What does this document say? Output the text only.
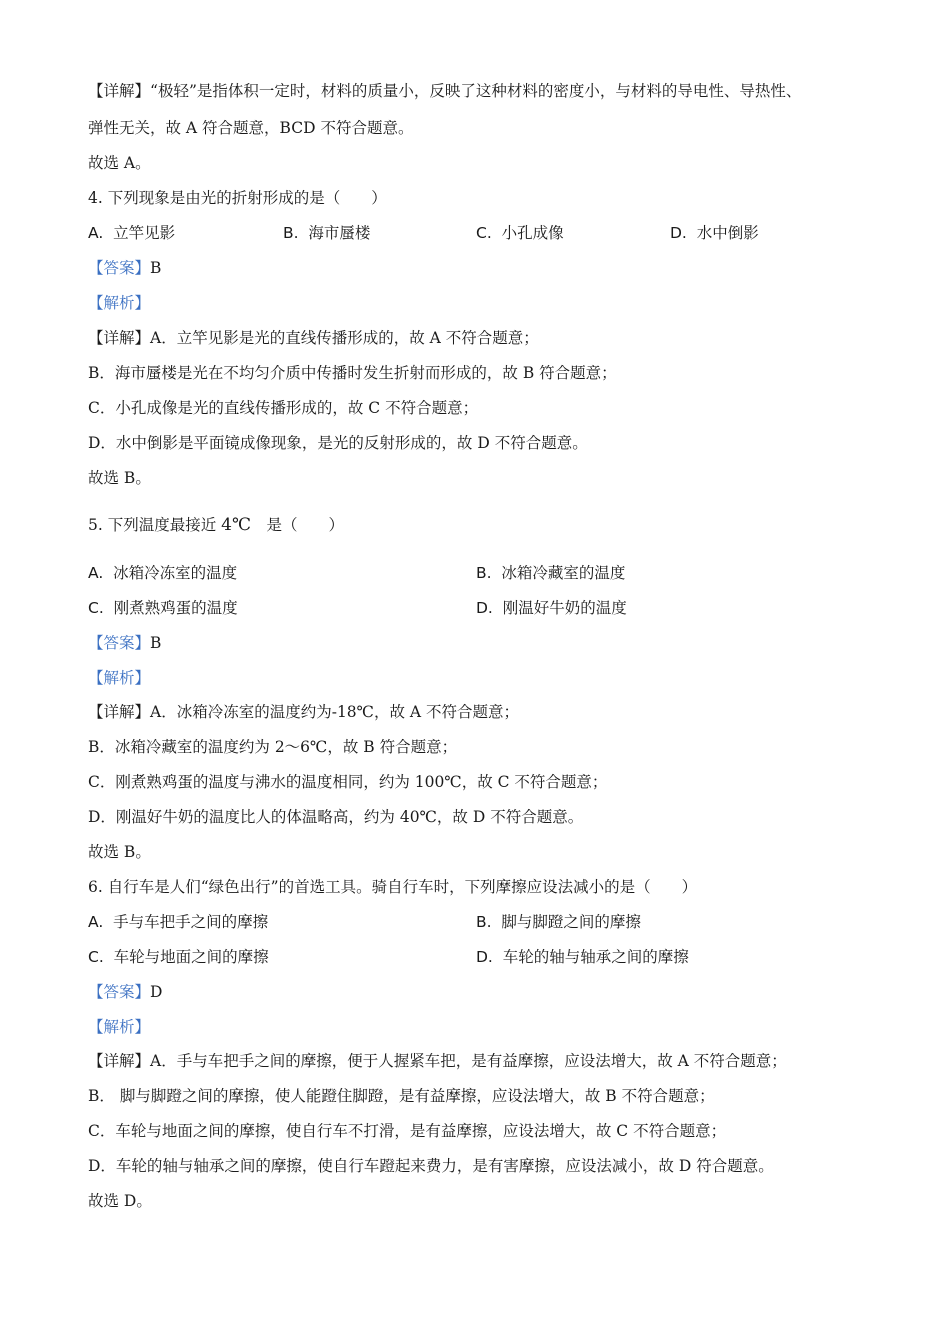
【详解】“极轻”是指体积一定时，材料的质量小，反映了这种材料的密度小，与材料的导电性、导热性、
弹性无关，故 A 符合题意，BCD 不符合题意。
故选 A。
4. 下列现象是由光的折射形成的是（　　）
A. 立竿见影	B. 海市蜃楼	C. 小孔成像	D. 水中倒影
【答案】B
【解析】
【详解】A．立竿见影是光的直线传播形成的，故 A 不符合题意；
B．海市蜃楼是光在不均匀介质中传播时发生折射而形成的，故 B 符合题意；
C．小孔成像是光的直线传播形成的，故 C 不符合题意；
D．水中倒影是平面镜成像现象，是光的反射形成的，故 D 不符合题意。
故选 B。
5. 下列温度最接近 4℃　是（　　）
A. 冰箱冷冻室的温度	B. 冰箱冷藏室的温度
C. 刚煮熟鸡蛋的温度	D. 刚温好牛奶的温度
【答案】B
【解析】
【详解】A．冰箱冷冻室的温度约为-18℃，故 A 不符合题意；
B．冰箱冷藏室的温度约为 2～6℃，故 B 符合题意；
C．刚煮熟鸡蛋的温度与沸水的温度相同，约为 100℃，故 C 不符合题意；
D．刚温好牛奶的温度比人的体温略高，约为 40℃，故 D 不符合题意。
故选 B。
6. 自行车是人们“绿色出行”的首选工具。骑自行车时，下列摩擦应设法减小的是（　　）
A. 手与车把手之间的摩擦	B. 脚与脚蹬之间的摩擦
C. 车轮与地面之间的摩擦	D. 车轮的轴与轴承之间的摩擦
【答案】D
【解析】
【详解】A．手与车把手之间的摩擦，便于人握紧车把，是有益摩擦，应设法增大，故 A 不符合题意；
B． 脚与脚蹬之间的摩擦，使人能蹬住脚蹬，是有益摩擦，应设法增大，故 B 不符合题意；
C．车轮与地面之间的摩擦，使自行车不打滑，是有益摩擦，应设法增大，故 C 不符合题意；
D．车轮的轴与轴承之间的摩擦，使自行车蹬起来费力，是有害摩擦，应设法减小，故 D 符合题意。
故选 D。
